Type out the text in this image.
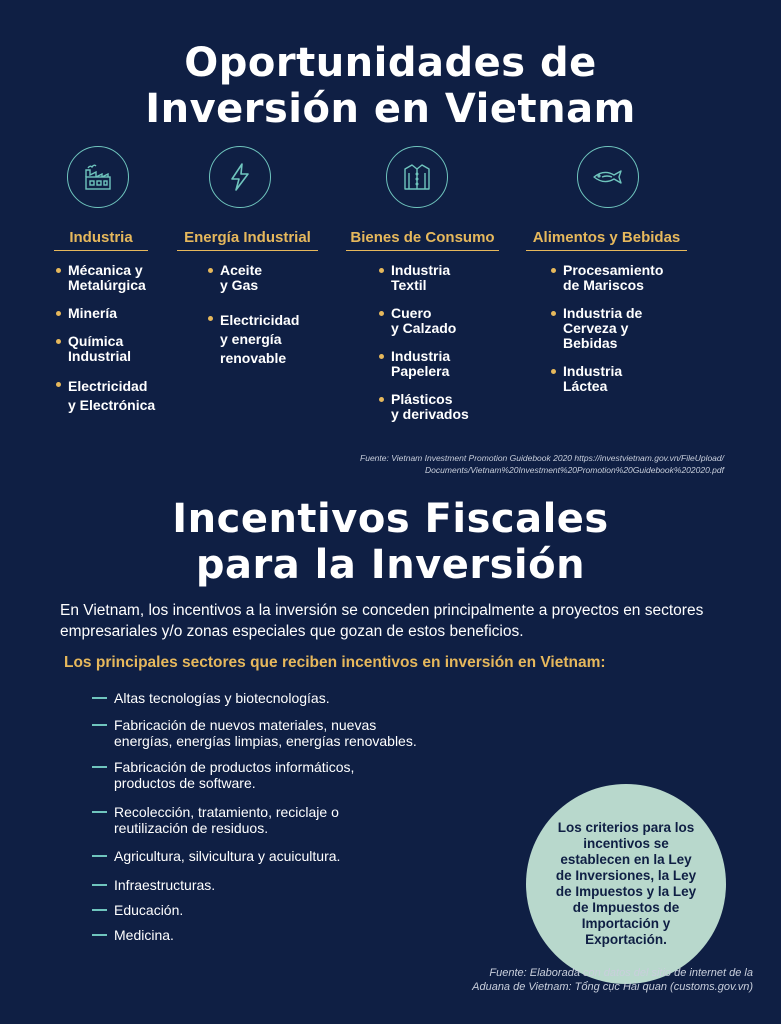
Oportunidades de
Inversión en Vietnam
Industria	Energía Industrial	Bienes de Consumo	Alimentos y Bebidas
Mécanica y
Metalúrgica
Minería
Química
Industrial
Electricidad
y Electrónica
Aceite
y Gas
Electricidad
y energía
renovable
Industria
Textil
Cuero
y Calzado
Industria
Papelera
Plásticos
y derivados
Procesamiento
de Mariscos
Industria de
Cerveza y
Bebidas
Industria
Láctea
Fuente: Vietnam Investment Promotion Guidebook 2020 https://investvietnam.gov.vn/FileUpload/
Documents/Vietnam%20Investment%20Promotion%20Guidebook%202020.pdf
Incentivos Fiscales
para la Inversión

En Vietnam, los incentivos a la inversión se conceden principalmente a proyectos en sectores empresariales y/o zonas especiales que gozan de estos beneficios.

Los principales sectores que reciben incentivos en inversión en Vietnam:

Altas tecnologías y biotecnologías.
Fabricación de nuevos materiales, nuevas
energías, energías limpias, energías renovables.
Fabricación de productos informáticos,
productos de software.
Recolección, tratamiento, reciclaje o
reutilización de residuos.
Agricultura, silvicultura y acuicultura.
Infraestructuras.
Educación.
Medicina.
Los criterios para los incentivos se establecen en la Ley de Inversiones, la Ley de Impuestos y la Ley de Impuestos de Importación y Exportación.
Fuente: Elaborada con datos del sitio de internet de la
Aduana de Vietnam: Tổng cục Hải quan (customs.gov.vn)
